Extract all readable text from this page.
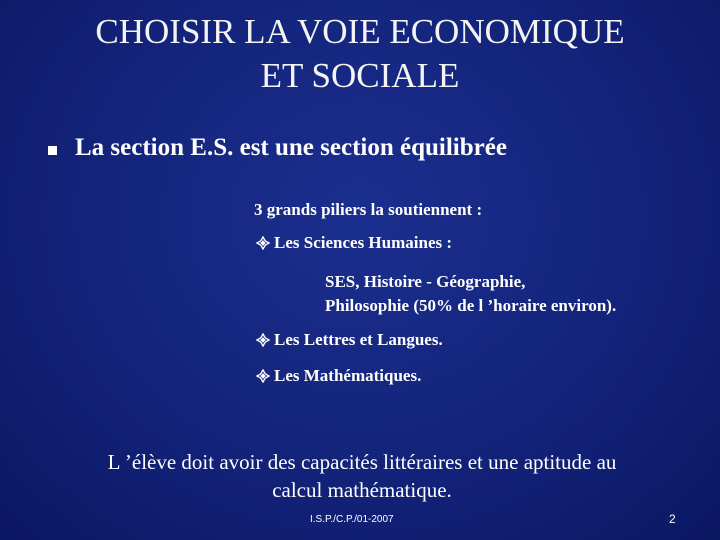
CHOISIR LA VOIE ECONOMIQUE
ET SOCIALE
La section E.S. est une section équilibrée
3 grands piliers la soutiennent :
Les Sciences Humaines :
SES, Histoire - Géographie,
Philosophie (50% de l ’horaire environ).
Les Lettres et Langues.
Les Mathématiques.
L ’élève doit avoir des capacités littéraires et une aptitude au
calcul mathématique.
I.S.P./C.P./01-2007	2
